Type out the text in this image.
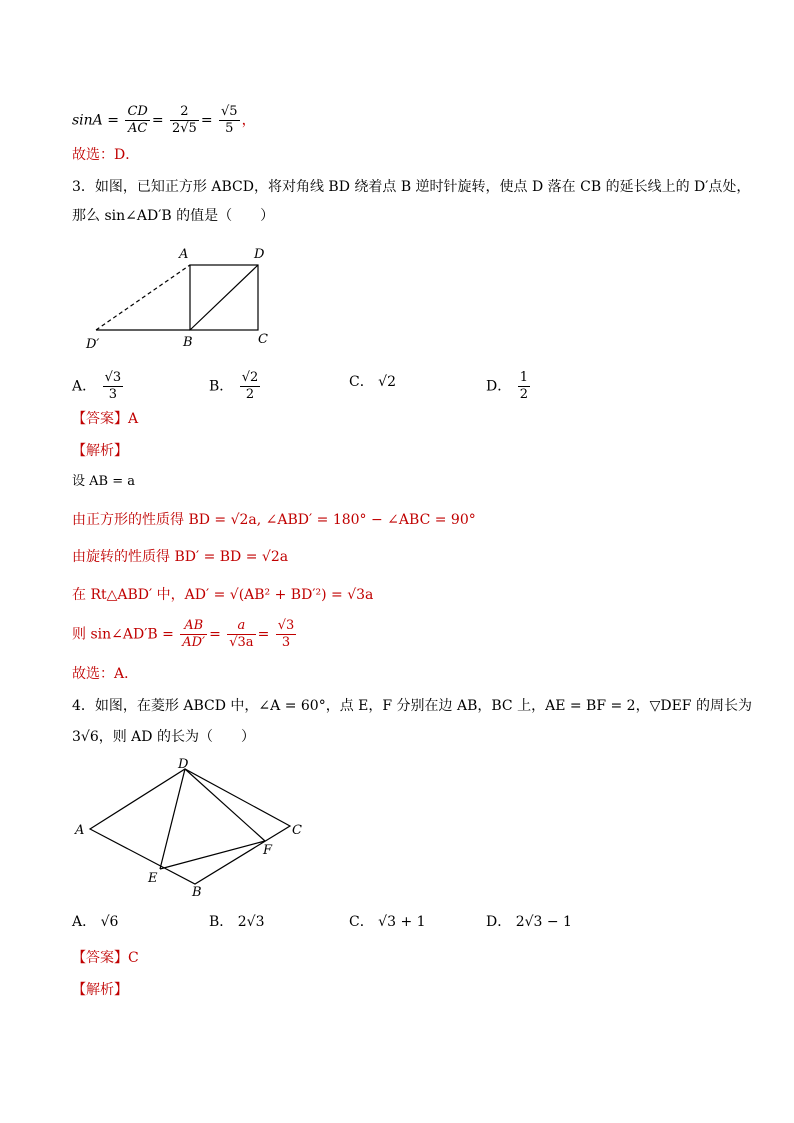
$\sin A = \frac{CD}{AC} = \frac{2}{2√5} = \frac{√5}{5}$ ，
故选：D．
3．如图，已知正方形 ABCD，将对角线 BD 绕着点 B 逆时针旋转，使点 D 落在 CB 的延长线上的 D′点处，
那么 sin∠AD′B 的值是（　　）
A	D
B	C
D′
A． $\frac{√3}{3}$	B． $\frac{√2}{2}$	C． √2	D． $\frac{1}{2}$
【答案】A
【解析】
设 AB = a
由正方形的性质得 BD = √2a, ∠ABD′ = 180° − ∠ABC = 90°
由旋转的性质得 BD′ = BD = √2a
在 Rt△ABD′ 中，AD′ = √(AB² + BD′²) = √3a
则 sin∠AD′B = $\frac{AB}{AD'} = \frac{a}{√3a} = \frac{√3}{3}$
故选：A．
4．如图，在菱形 ABCD 中，∠A = 60°，点 E，F 分别在边 AB，BC 上，AE = BF = 2，▽DEF 的周长为
3√6，则 AD 的长为（　　）
D
A	C
F
E
B
A． √6	B． 2√3	C． √3 + 1	D． 2√3 − 1
【答案】C
【解析】
